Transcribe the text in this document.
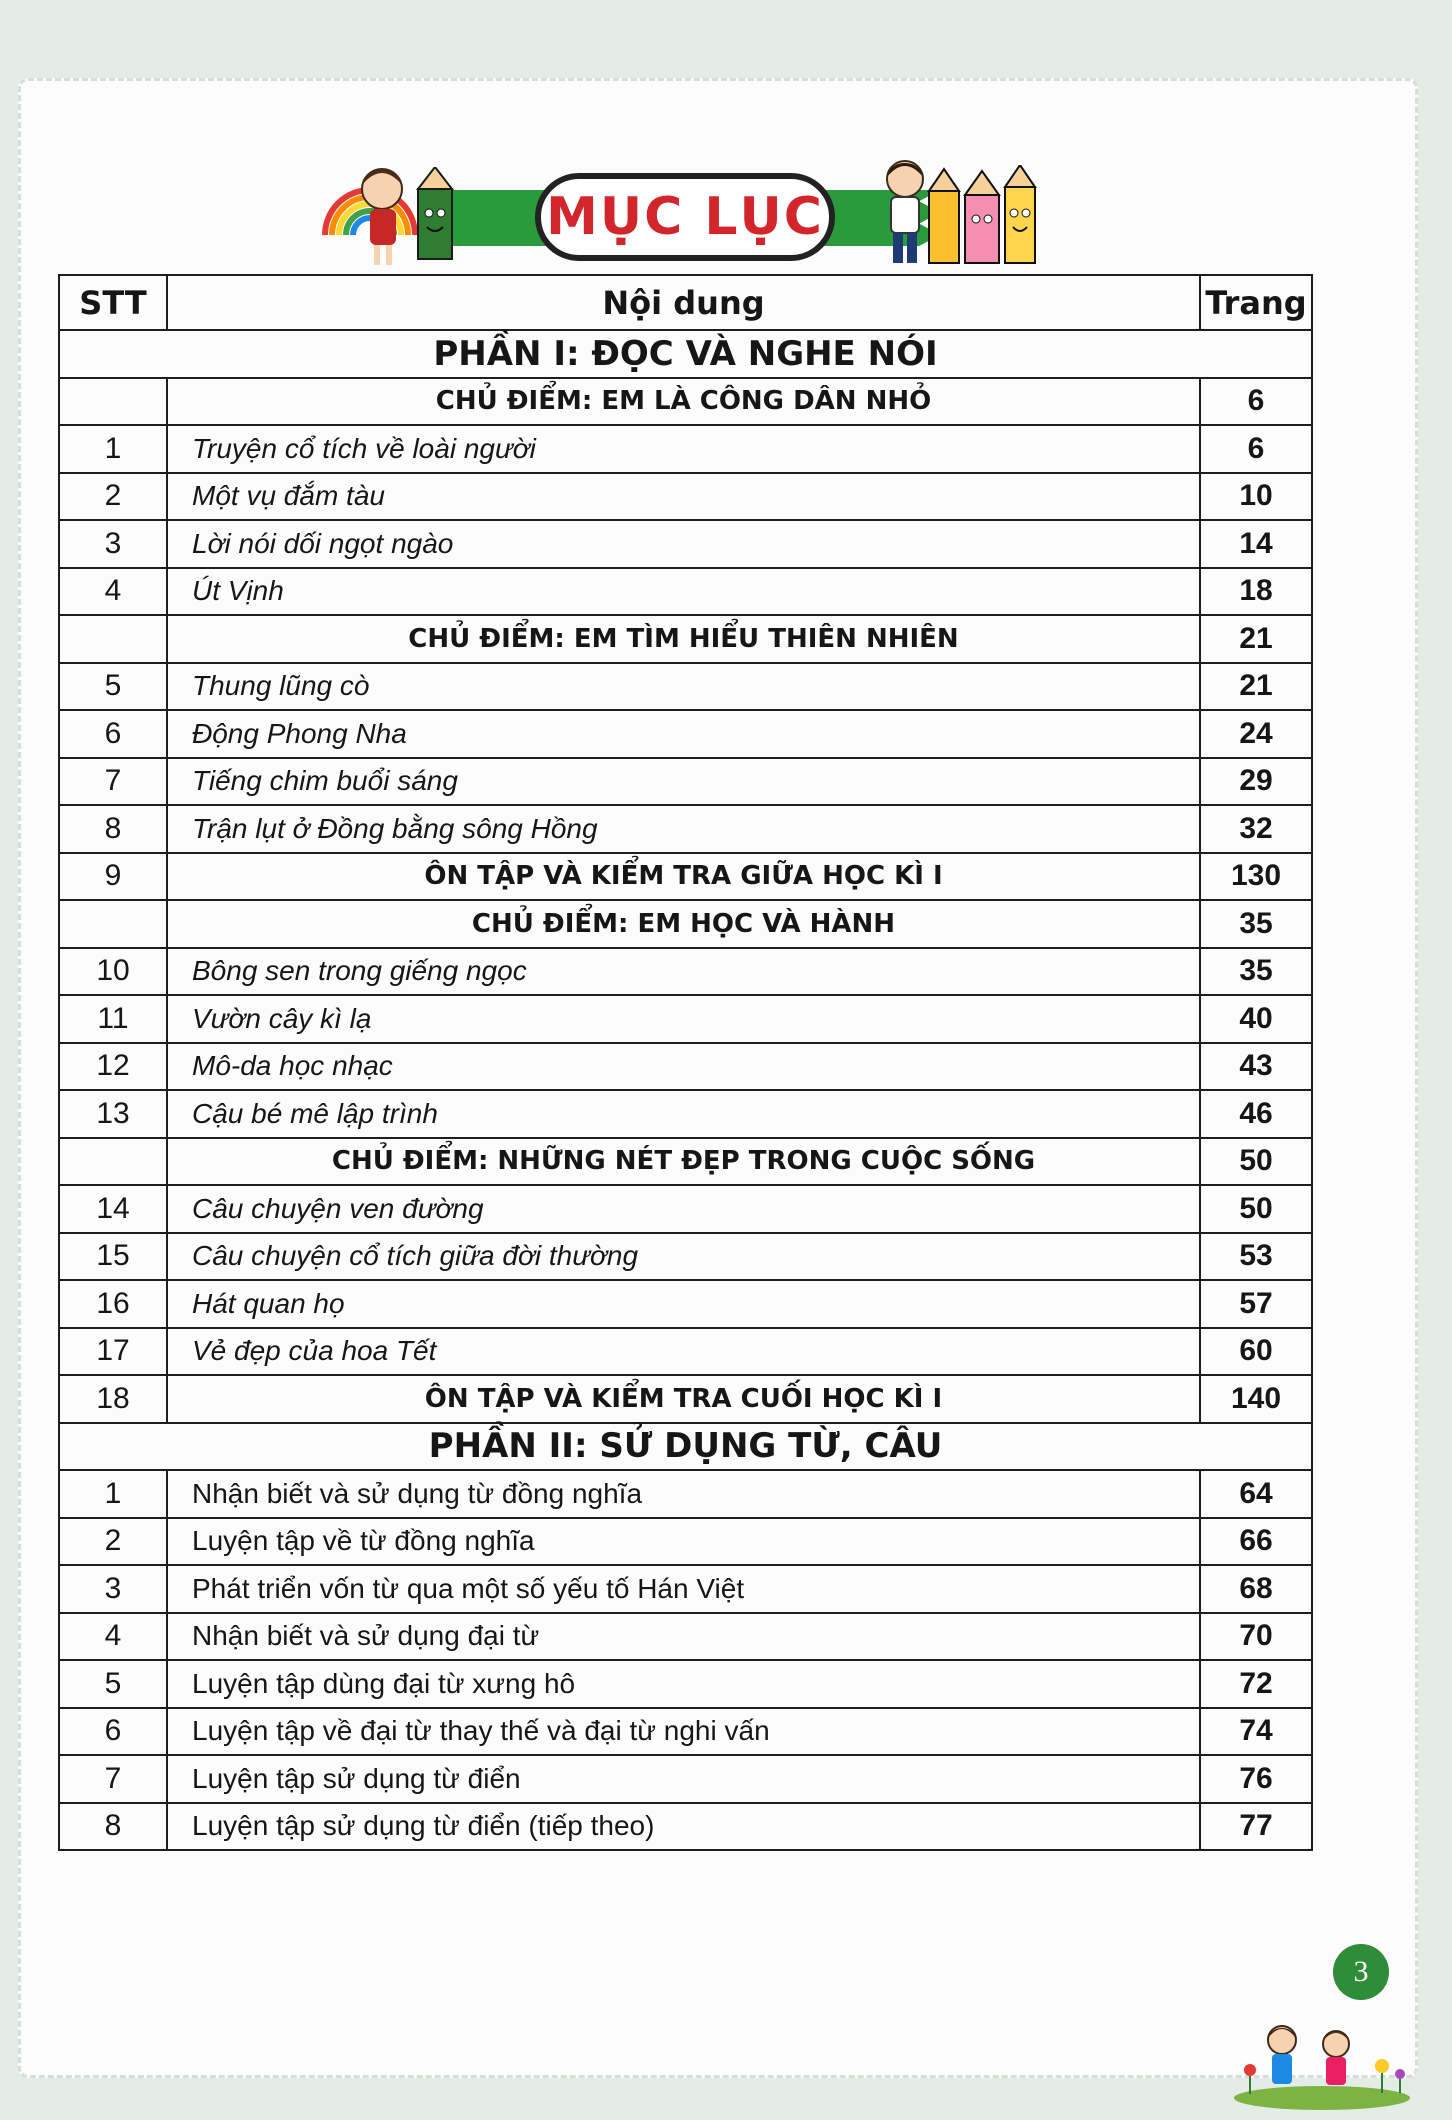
MỤC LỤC
STT	Nội dung	Trang
PHẦN I: ĐỌC VÀ NGHE NÓI		
	CHỦ ĐIỂM: EM LÀ CÔNG DÂN NHỎ	6
1	Truyện cổ tích về loài người	6
2	Một vụ đắm tàu	10
3	Lời nói dối ngọt ngào	14
4	Út Vịnh	18
	CHỦ ĐIỂM: EM TÌM HIỂU THIÊN NHIÊN	21
5	Thung lũng cò	21
6	Động Phong Nha	24
7	Tiếng chim buổi sáng	29
8	Trận lụt ở Đồng bằng sông Hồng	32
9	ÔN TẬP VÀ KIỂM TRA GIỮA HỌC KÌ I	130
	CHỦ ĐIỂM: EM HỌC VÀ HÀNH	35
10	Bông sen trong giếng ngọc	35
11	Vườn cây kì lạ	40
12	Mô-da học nhạc	43
13	Cậu bé mê lập trình	46
	CHỦ ĐIỂM: NHỮNG NÉT ĐẸP TRONG CUỘC SỐNG	50
14	Câu chuyện ven đường	50
15	Câu chuyện cổ tích giữa đời thường	53
16	Hát quan họ	57
17	Vẻ đẹp của hoa Tết	60
18	ÔN TẬP VÀ KIỂM TRA CUỐI HỌC KÌ I	140
PHẦN II: SỬ DỤNG TỪ, CÂU		
1	Nhận biết và sử dụng từ đồng nghĩa	64
2	Luyện tập về từ đồng nghĩa	66
3	Phát triển vốn từ qua một số yếu tố Hán Việt	68
4	Nhận biết và sử dụng đại từ	70
5	Luyện tập dùng đại từ xưng hô	72
6	Luyện tập về đại từ thay thế và đại từ nghi vấn	74
7	Luyện tập sử dụng từ điển	76
8	Luyện tập sử dụng từ điển (tiếp theo)	77
3
